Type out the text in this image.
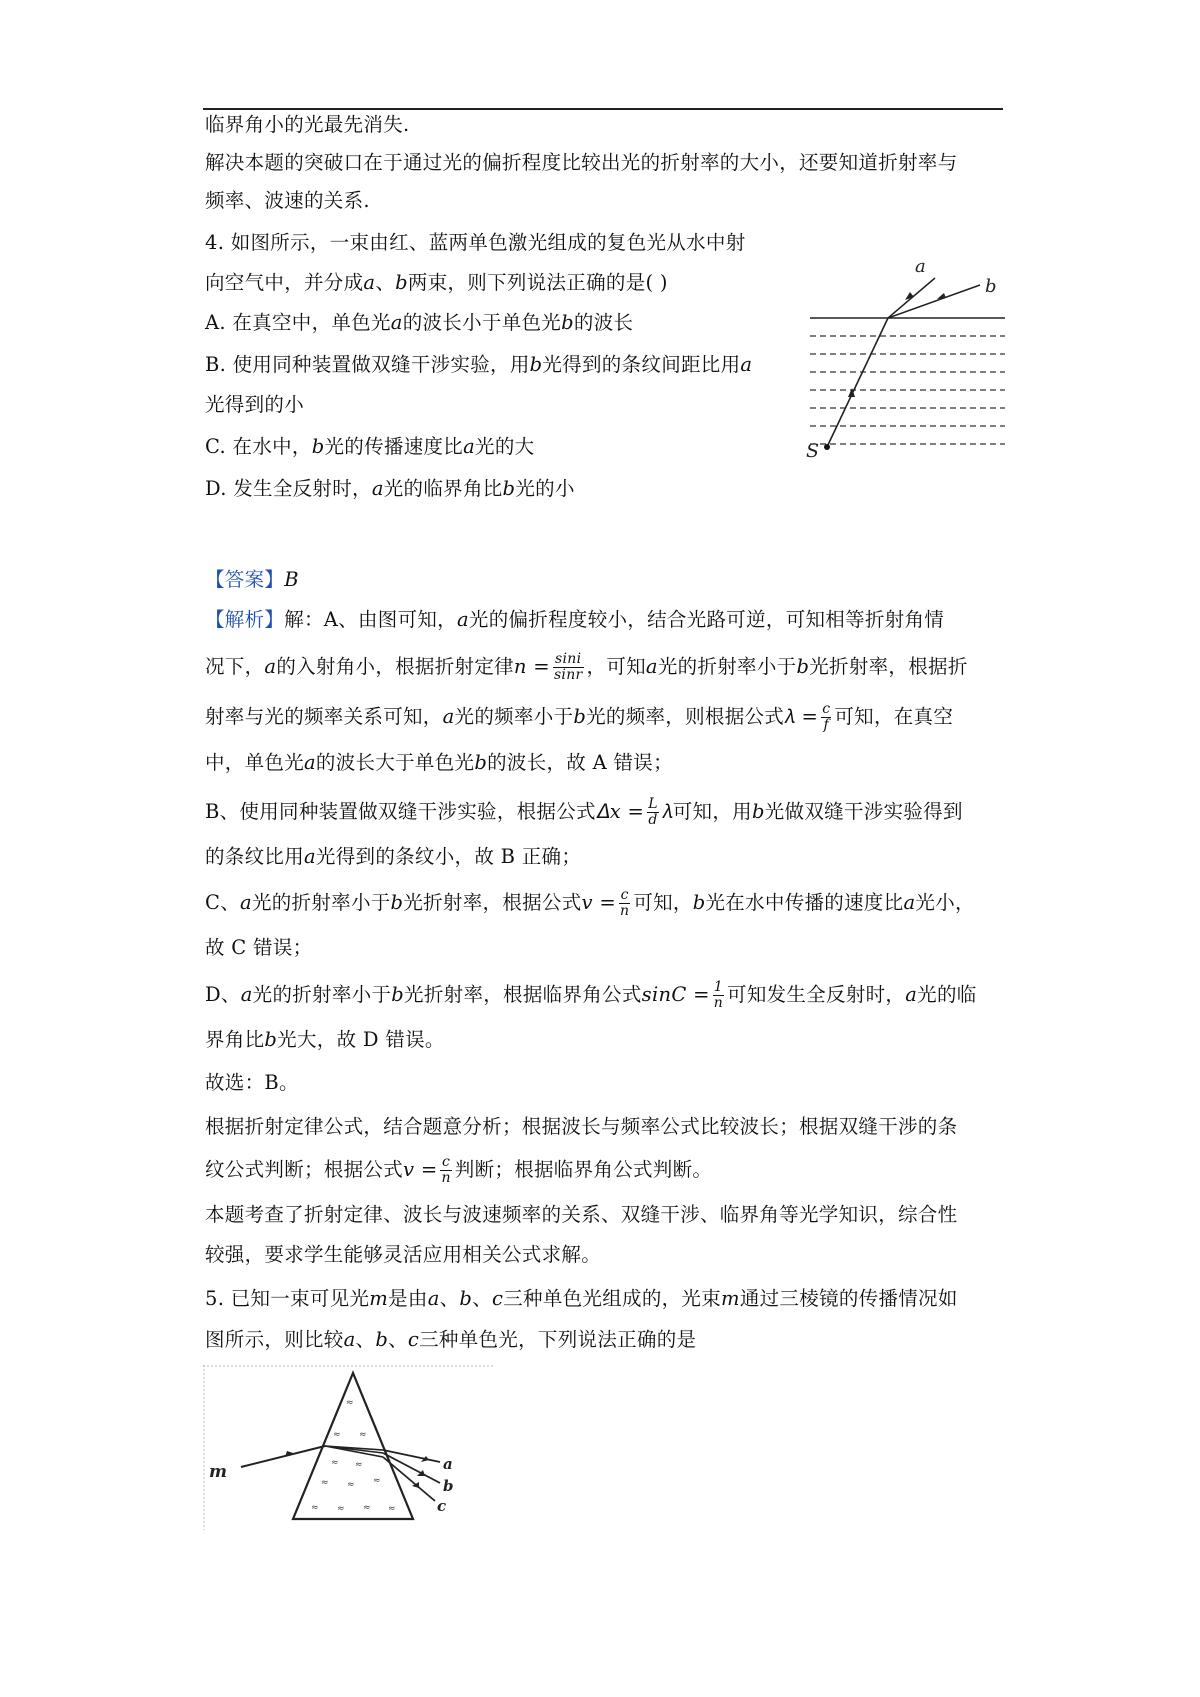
临界角小的光最先消失.
解决本题的突破口在于通过光的偏折程度比较出光的折射率的大小，还要知道折射率与
频率、波速的关系.
4. 如图所示，一束由红、蓝两单色激光组成的复色光从水中射
向空气中，并分成𝑎、𝑏两束，则下列说法正确的是( )
A. 在真空中，单色光𝑎的波长小于单色光𝑏的波长
B. 使用同种装置做双缝干涉实验，用𝑏光得到的条纹间距比用𝑎
光得到的小
C. 在水中，𝑏光的传播速度比𝑎光的大
D. 发生全反射时，𝑎光的临界角比𝑏光的小
a
b
S
【答案】B
【解析】解：A、由图可知，𝑎光的偏折程度较小，结合光路可逆，可知相等折射角情
况下，𝑎的入射角小，根据折射定律𝑛 = $\frac{\sin i}{\sin r}$ ，可知𝑎光的折射率小于𝑏光折射率，根据折
射率与光的频率关系可知，𝑎光的频率小于𝑏光的频率，则根据公式𝜆 = $\frac{c}{f}$ 可知，在真空
中，单色光𝑎的波长大于单色光𝑏的波长，故 A 错误；
B、使用同种装置做双缝干涉实验，根据公式𝛥𝑥 = $\frac{L}{d}$ 𝜆可知，用𝑏光做双缝干涉实验得到
的条纹比用𝑎光得到的条纹小，故 B 正确；
C、𝑎光的折射率小于𝑏光折射率，根据公式𝑣 = $\frac{c}{n}$ 可知，𝑏光在水中传播的速度比𝑎光小，
故 C 错误；
D、𝑎光的折射率小于𝑏光折射率，根据临界角公式𝑠𝑖𝑛𝐶 = $\frac{1}{n}$ 可知发生全反射时，𝑎光的临
界角比𝑏光大，故 D 错误。
故选：B。
根据折射定律公式，结合题意分析；根据波长与频率公式比较波长；根据双缝干涉的条
纹公式判断；根据公式𝑣 = $\frac{c}{n}$ 判断；根据临界角公式判断。
本题考查了折射定律、波长与波速频率的关系、双缝干涉、临界角等光学知识，综合性
较强，要求学生能够灵活应用相关公式求解。
5. 已知一束可见光𝑚是由𝑎、𝑏、𝑐三种单色光组成的，光束𝑚通过三棱镜的传播情况如
图所示，则比较𝑎、𝑏、𝑐三种单色光，下列说法正确的是
≈
≈ ≈
≈ ≈
≈ ≈ ≈
≈ ≈ ≈ ≈
m	a
b
c
